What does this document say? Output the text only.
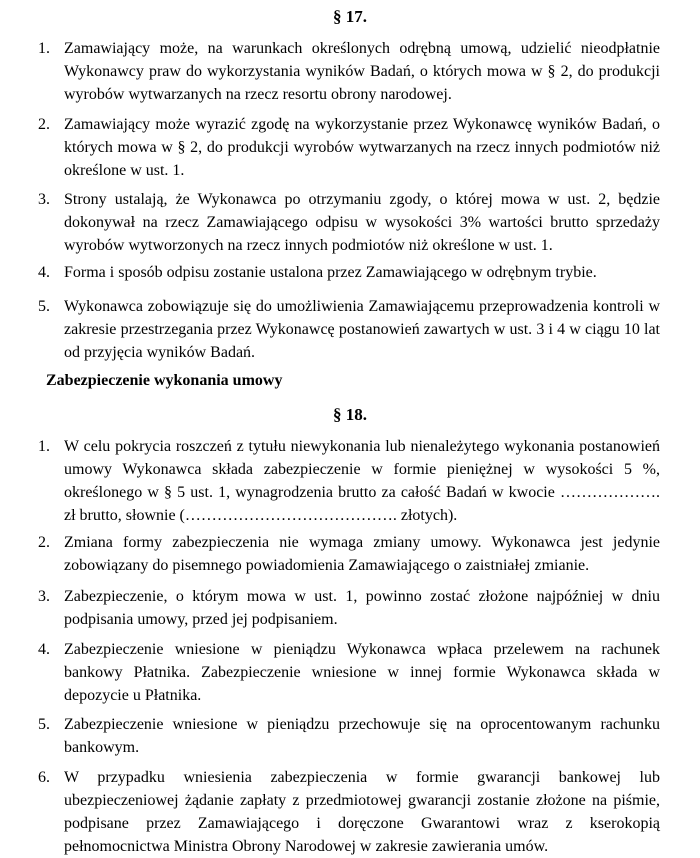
§ 17.
1. Zamawiający może, na warunkach określonych odrębną umową, udzielić nieodpłatnie Wykonawcy praw do wykorzystania wyników Badań, o których mowa w § 2, do produkcji wyrobów wytwarzanych na rzecz resortu obrony narodowej.
2. Zamawiający może wyrazić zgodę na wykorzystanie przez Wykonawcę wyników Badań, o których mowa w § 2, do produkcji wyrobów wytwarzanych na rzecz innych podmiotów niż określone w ust. 1.
3. Strony ustalają, że Wykonawca po otrzymaniu zgody, o której mowa w ust. 2, będzie dokonywał na rzecz Zamawiającego odpisu w wysokości 3% wartości brutto sprzedaży wyrobów wytworzonych na rzecz innych podmiotów niż określone w ust. 1.
4. Forma i sposób odpisu zostanie ustalona przez Zamawiającego w odrębnym trybie.
5. Wykonawca zobowiązuje się do umożliwienia Zamawiającemu przeprowadzenia kontroli w zakresie przestrzegania przez Wykonawcę postanowień zawartych w ust. 3 i 4 w ciągu 10 lat od przyjęcia wyników Badań.
Zabezpieczenie wykonania umowy
§ 18.
1. W celu pokrycia roszczeń z tytułu niewykonania lub nienależytego wykonania postanowień umowy Wykonawca składa zabezpieczenie w formie pieniężnej w wysokości 5 %, określonego w § 5 ust. 1, wynagrodzenia brutto za całość Badań w kwocie ………………. zł brutto, słownie (…………………………………. złotych).
2. Zmiana formy zabezpieczenia nie wymaga zmiany umowy. Wykonawca jest jedynie zobowiązany do pisemnego powiadomienia Zamawiającego o zaistniałej zmianie.
3. Zabezpieczenie, o którym mowa w ust. 1, powinno zostać złożone najpóźniej w dniu podpisania umowy, przed jej podpisaniem.
4. Zabezpieczenie wniesione w pieniądzu Wykonawca wpłaca przelewem na rachunek bankowy Płatnika. Zabezpieczenie wniesione w innej formie Wykonawca składa w depozycie u Płatnika.
5. Zabezpieczenie wniesione w pieniądzu przechowuje się na oprocentowanym rachunku bankowym.
6. W przypadku wniesienia zabezpieczenia w formie gwarancji bankowej lub ubezpieczeniowej żądanie zapłaty z przedmiotowej gwarancji zostanie złożone na piśmie, podpisane przez Zamawiającego i doręczone Gwarantowi wraz z kserokopią pełnomocnictwa Ministra Obrony Narodowej w zakresie zawierania umów.
